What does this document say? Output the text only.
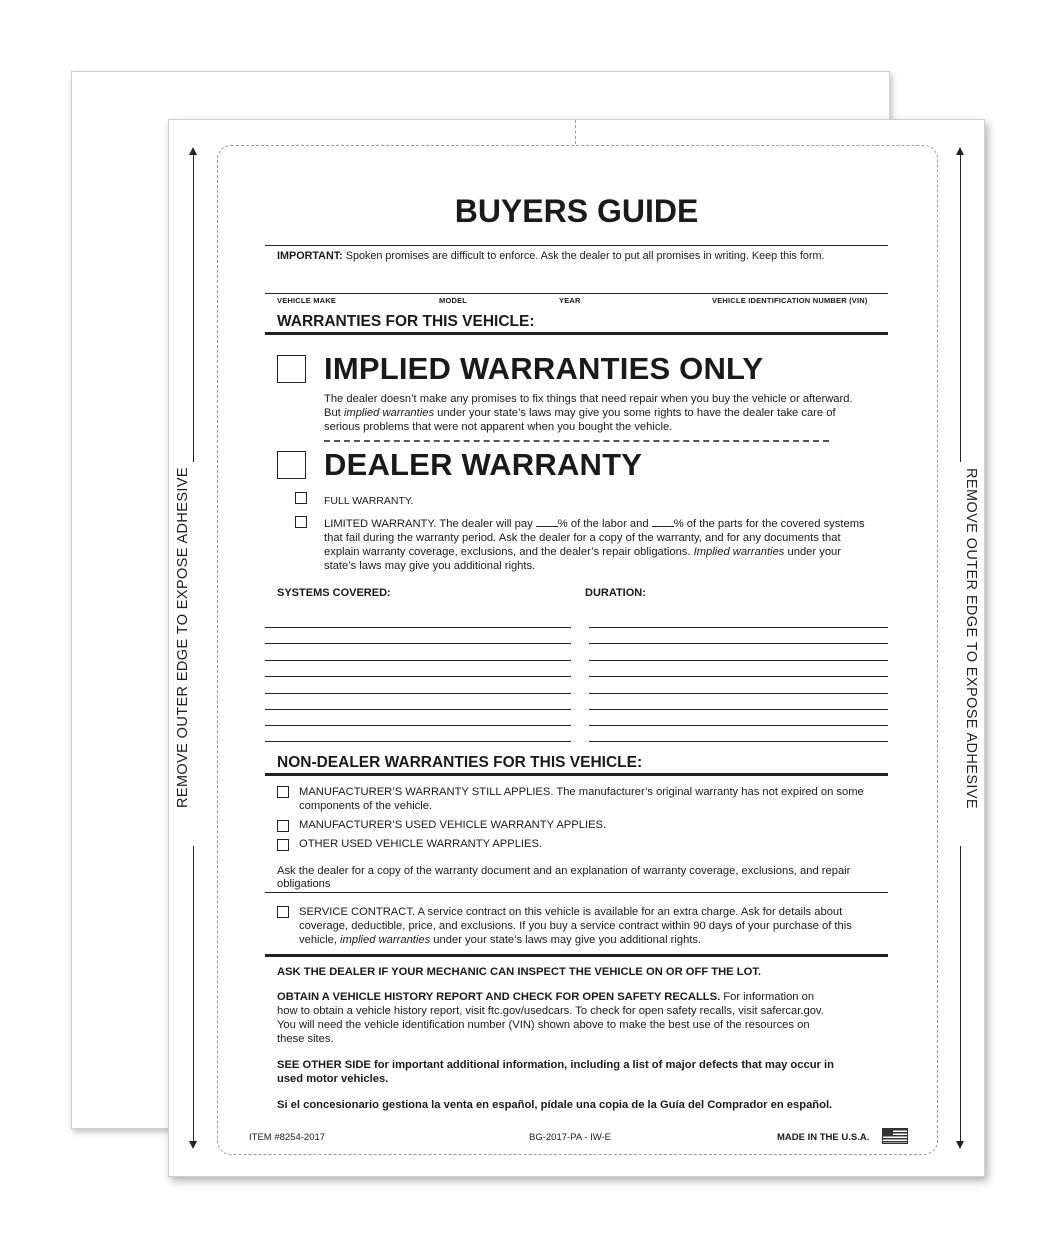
REMOVE OUTER EDGE TO EXPOSE ADHESIVE	REMOVE OUTER EDGE TO EXPOSE ADHESIVE
BUYERS GUIDE
IMPORTANT: Spoken promises are difficult to enforce. Ask the dealer to put all promises in writing. Keep this form.
VEHICLE MAKE	MODEL	YEAR	VEHICLE IDENTIFICATION NUMBER (VIN)
WARRANTIES FOR THIS VEHICLE:
IMPLIED WARRANTIES ONLY
The dealer doesn’t make any promises to fix things that need repair when you buy the vehicle or afterward.
But implied warranties under your state’s laws may give you some rights to have the dealer take care of
serious problems that were not apparent when you bought the vehicle.
DEALER WARRANTY
FULL WARRANTY.
LIMITED WARRANTY. The dealer will pay % of the labor and % of the parts for the covered systems
that fail during the warranty period. Ask the dealer for a copy of the warranty, and for any documents that
explain warranty coverage, exclusions, and the dealer’s repair obligations. Implied warranties under your
state’s laws may give you additional rights.
SYSTEMS COVERED:	DURATION:
NON-DEALER WARRANTIES FOR THIS VEHICLE:
MANUFACTURER’S WARRANTY STILL APPLIES. The manufacturer’s original warranty has not expired on some
components of the vehicle.
MANUFACTURER’S USED VEHICLE WARRANTY APPLIES.
OTHER USED VEHICLE WARRANTY APPLIES.
Ask the dealer for a copy of the warranty document and an explanation of warranty coverage, exclusions, and repair
obligations
SERVICE CONTRACT. A service contract on this vehicle is available for an extra charge. Ask for details about
coverage, deductible, price, and exclusions. If you buy a service contract within 90 days of your purchase of this
vehicle, implied warranties under your state’s laws may give you additional rights.
ASK THE DEALER IF YOUR MECHANIC CAN INSPECT THE VEHICLE ON OR OFF THE LOT.
OBTAIN A VEHICLE HISTORY REPORT AND CHECK FOR OPEN SAFETY RECALLS. For information on
how to obtain a vehicle history report, visit ftc.gov/usedcars. To check for open safety recalls, visit safercar.gov.
You will need the vehicle identification number (VIN) shown above to make the best use of the resources on
these sites.
SEE OTHER SIDE for important additional information, including a list of major defects that may occur in
used motor vehicles.
Si el concesionario gestiona la venta en español, pídale una copia de la Guía del Comprador en español.
ITEM #8254-2017	BG-2017-PA - IW-E	MADE IN THE U.S.A.
